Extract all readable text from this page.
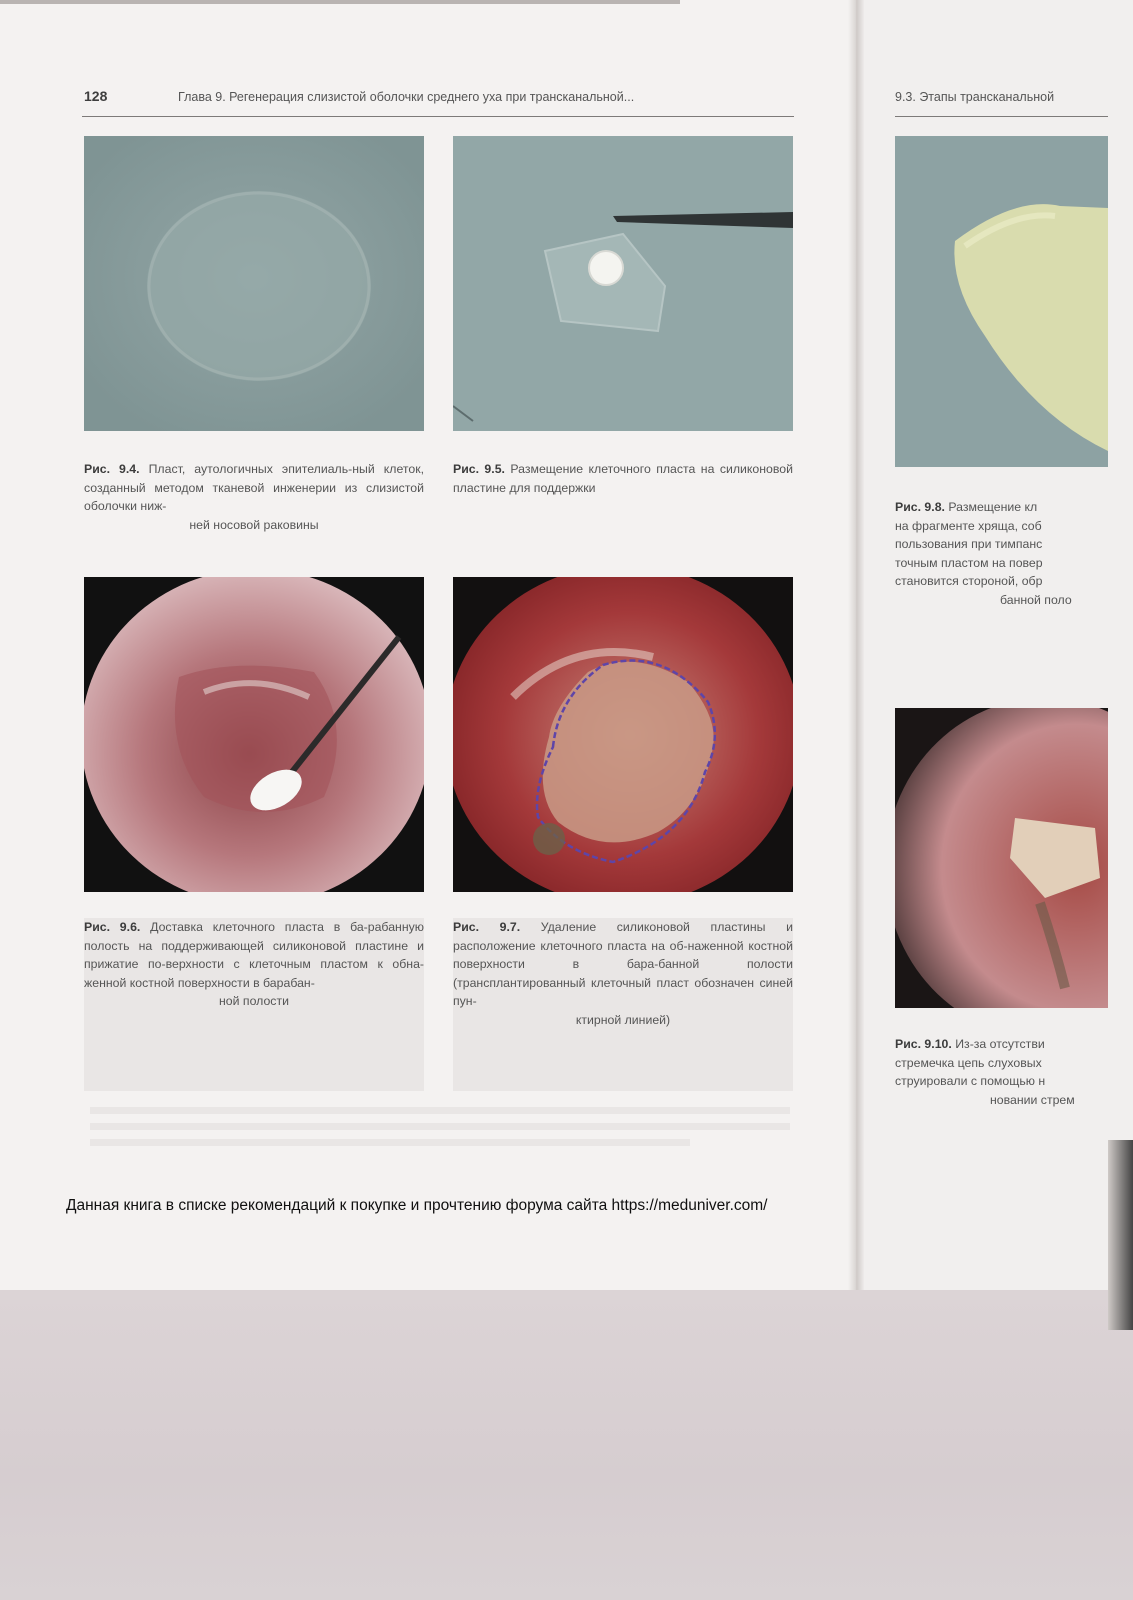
128	Глава 9. Регенерация слизистой оболочки среднего уха при трансканальной...	9.3. Этапы трансканальной
Рис. 9.4. Пласт, аутологичных эпителиаль-ный клеток, созданный методом тканевой инженерии из слизистой оболочки ниж-
ней носовой раковины
Рис. 9.5. Размещение клеточного пласта на силиконовой пластине для поддержки
Рис. 9.8. Размещение кл
на фрагменте хряща, соб
пользования при тимпанс
точным пластом на повер
становится стороной, обр
банной поло
Рис. 9.6. Доставка клеточного пласта в ба-рабанную полость на поддерживающей силиконовой пластине и прижатие по-верхности с клеточным пластом к обна-женной костной поверхности в барабан-
ной полости
Рис. 9.7. Удаление силиконовой пластины и расположение клеточного пласта на об-наженной костной поверхности в бара-банной полости (трансплантированный клеточный пласт обозначен синей пун-
ктирной линией)
Рис. 9.10. Из-за отсутстви
стремечка цепь слуховых
струировали с помощью н
новании стрем
Данная книга в списке рекомендаций к покупке и прочтению форума сайта https://meduniver.com/
